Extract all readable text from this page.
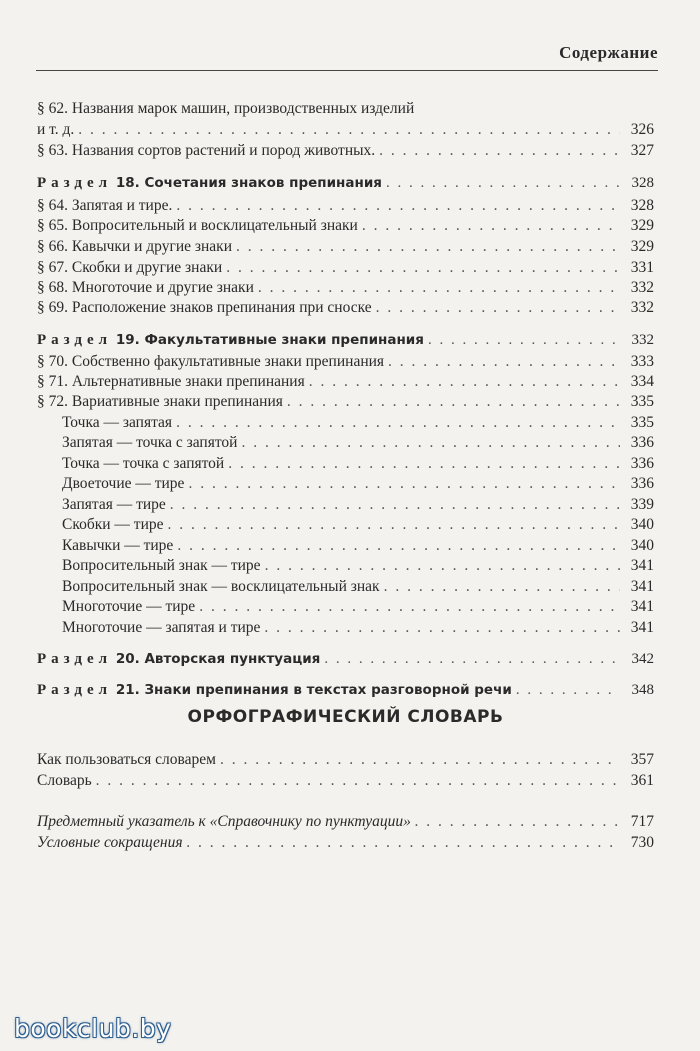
Содержание
§ 62. Названия марок машин, производственных изделий
и т. д. . . .	326
§ 63. Названия сортов растений и пород животных. . . .	327
Раздел 18. Сочетания знаков препинания . . .	328
§ 64. Запятая и тире. . . .	328
§ 65. Вопросительный и восклицательный знаки . . .	329
§ 66. Кавычки и другие знаки . . .	329
§ 67. Скобки и другие знаки . . .	331
§ 68. Многоточие и другие знаки . . .	332
§ 69. Расположение знаков препинания при сноске . . .	332
Раздел 19. Факультативные знаки препинания . . .	332
§ 70. Собственно факультативные знаки препинания . . .	333
§ 71. Альтернативные знаки препинания . . .	334
§ 72. Вариативные знаки препинания . . .	335
Точка — запятая . . .	335
Запятая — точка с запятой . . .	336
Точка — точка с запятой . . .	336
Двоеточие — тире . . .	336
Запятая — тире . . .	339
Скобки — тире . . .	340
Кавычки — тире . . .	340
Вопросительный знак — тире . . .	341
Вопросительный знак — восклицательный знак . . .	341
Многоточие — тире . . .	341
Многоточие — запятая и тире . . .	341
Раздел 20. Авторская пунктуация . . .	342
Раздел 21. Знаки препинания в текстах разговорной речи . . .	348
ОРФОГРАФИЧЕСКИЙ СЛОВАРЬ
Как пользоваться словарем . . .	357
Словарь . . .	361
Предметный указатель к «Справочнику по пунктуации» . . .	717
Условные сокращения . . .	730
bookclub.by
